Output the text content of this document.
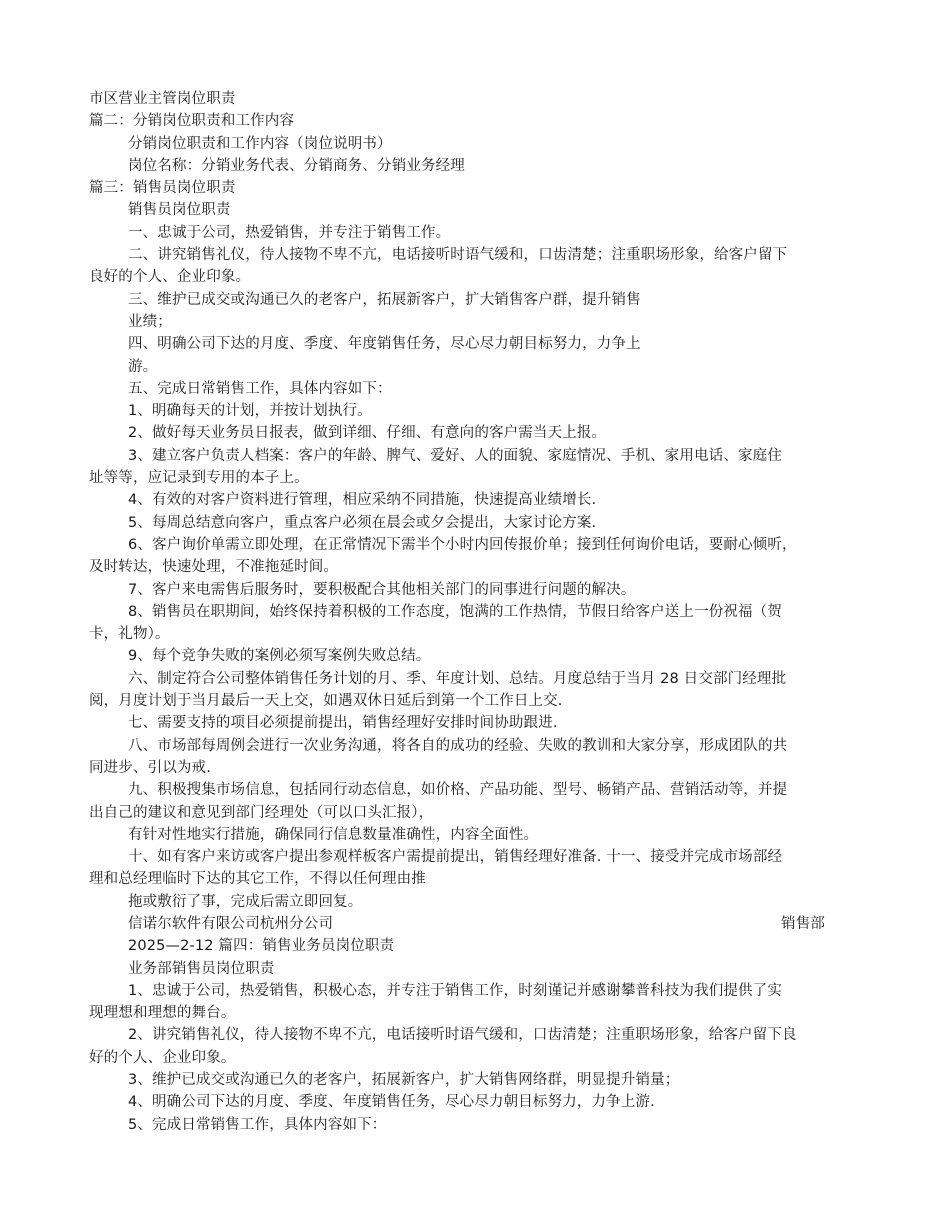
市区营业主管岗位职责
篇二：分销岗位职责和工作内容
分销岗位职责和工作内容（岗位说明书）
岗位名称：分销业务代表、分销商务、分销业务经理
篇三：销售员岗位职责
销售员岗位职责
一、忠诚于公司，热爱销售，并专注于销售工作。
二、讲究销售礼仪，待人接物不卑不亢，电话接听时语气缓和，口齿清楚；注重职场形象，给客户留下
良好的个人、企业印象。
三、维护已成交或沟通已久的老客户，拓展新客户，扩大销售客户群，提升销售
业绩；
四、明确公司下达的月度、季度、年度销售任务，尽心尽力朝目标努力，力争上
游。
五、完成日常销售工作，具体内容如下：
1、明确每天的计划，并按计划执行。
2、做好每天业务员日报表，做到详细、仔细、有意向的客户需当天上报。
3、建立客户负责人档案：客户的年龄、脾气、爱好、人的面貌、家庭情况、手机、家用电话、家庭住
址等等，应记录到专用的本子上。
4、有效的对客户资料进行管理，相应采纳不同措施，快速提高业绩增长.
5、每周总结意向客户，重点客户必须在晨会或夕会提出，大家讨论方案.
6、客户询价单需立即处理，在正常情况下需半个小时内回传报价单；接到任何询价电话，要耐心倾听，
及时转达，快速处理，不准拖延时间。
7、客户来电需售后服务时，要积极配合其他相关部门的同事进行问题的解决。
8、销售员在职期间，始终保持着积极的工作态度，饱满的工作热情，节假日给客户送上一份祝福（贺
卡，礼物）。
9、每个竞争失败的案例必须写案例失败总结。
六、制定符合公司整体销售任务计划的月、季、年度计划、总结。月度总结于当月 28 日交部门经理批
阅，月度计划于当月最后一天上交，如遇双休日延后到第一个工作日上交.
七、需要支持的项目必须提前提出，销售经理好安排时间协助跟进.
八、市场部每周例会进行一次业务沟通，将各自的成功的经验、失败的教训和大家分享，形成团队的共
同进步、引以为戒.
九、积极搜集市场信息，包括同行动态信息，如价格、产品功能、型号、畅销产品、营销活动等，并提
出自己的建议和意见到部门经理处（可以口头汇报），
有针对性地实行措施，确保同行信息数量准确性，内容全面性。
十、如有客户来访或客户提出参观样板客户需提前提出，销售经理好准备. 十一、接受并完成市场部经
理和总经理临时下达的其它工作，不得以任何理由推
拖或敷衍了事，完成后需立即回复。
信诺尔软件有限公司杭州分公司	销售部
2025—2-12 篇四：销售业务员岗位职责
业务部销售员岗位职责
1、忠诚于公司，热爱销售，积极心态，并专注于销售工作，时刻谨记并感谢攀普科技为我们提供了实
现理想和理想的舞台。
2、讲究销售礼仪，待人接物不卑不亢，电话接听时语气缓和，口齿清楚；注重职场形象，给客户留下良
好的个人、企业印象。
3、维护已成交或沟通已久的老客户，拓展新客户，扩大销售网络群，明显提升销量；
4、明确公司下达的月度、季度、年度销售任务，尽心尽力朝目标努力，力争上游.
5、完成日常销售工作，具体内容如下：
